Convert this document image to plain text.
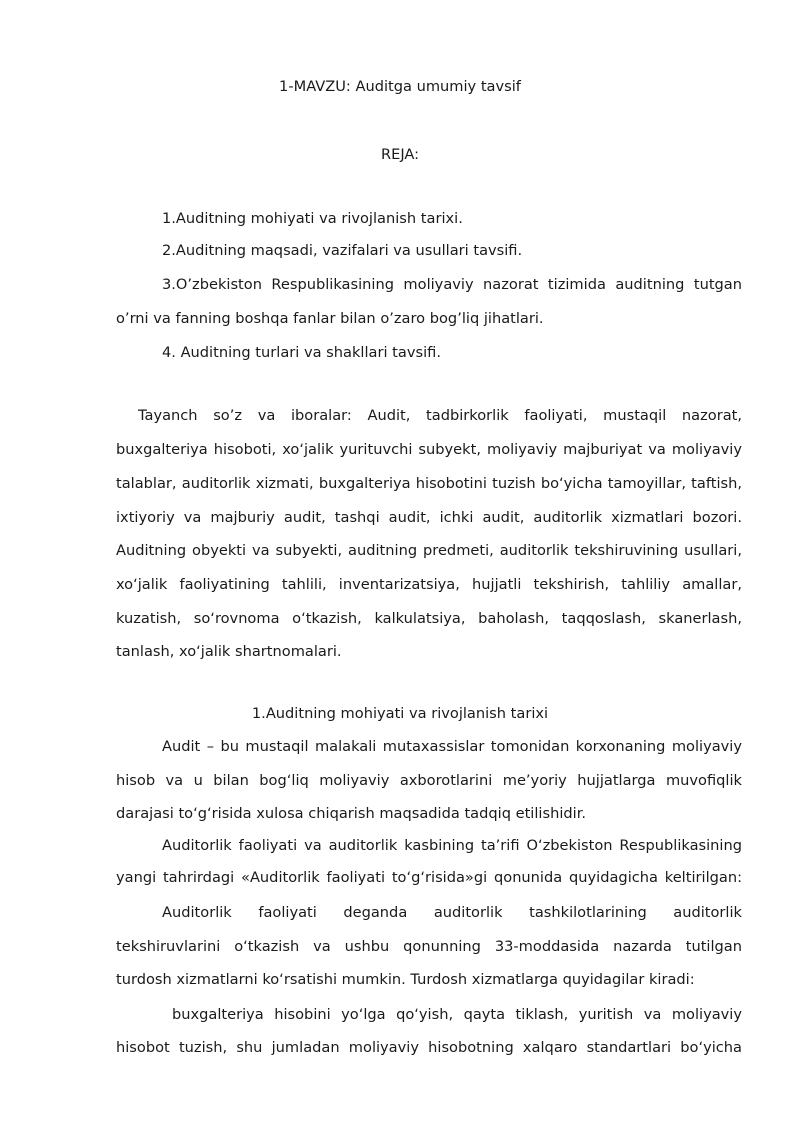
1-MAVZU: Auditga umumiy tavsif
REJA:
1.Auditning mohiyati va rivojlanish tarixi.
2.Auditning maqsadi, vazifalari va usullari tavsifi.
3.O’zbekiston Respublikasining moliyaviy nazorat tizimida auditning tutgan
o’rni va fanning boshqa fanlar bilan o’zaro bog’liq jihatlari.
4. Auditning turlari va shakllari tavsifi.
Tayanch so’z va iboralar: Audit, tadbirkorlik faoliyati, mustaqil nazorat,
buxgalteriya hisoboti, xo‘jalik yurituvchi subyekt, moliyaviy majburiyat va moliyaviy
talablar, auditorlik xizmati, buxgalteriya hisobotini tuzish bo‘yicha tamoyillar, taftish,
ixtiyoriy va majburiy audit, tashqi audit, ichki audit, auditorlik xizmatlari bozori.
Auditning obyekti va subyekti, auditning predmeti, auditorlik tekshiruvining usullari,
xo‘jalik faoliyatining tahlili, inventarizatsiya, hujjatli tekshirish, tahliliy amallar,
kuzatish, so‘rovnoma o‘tkazish, kalkulatsiya, baholash, taqqoslash, skanerlash,
tanlash, xo‘jalik shartnomalari.
1.Auditning mohiyati va rivojlanish tarixi
Audit – bu mustaqil malakali mutaxassislar tomonidan korxonaning moliyaviy
hisob va u bilan bog‘liq moliyaviy axborotlarini me’yoriy hujjatlarga muvofiqlik
darajasi to‘g‘risida xulosa chiqarish maqsadida tadqiq etilishidir.
Auditorlik faoliyati va auditorlik kasbining ta’rifi O‘zbekiston Respublikasining
yangi tahrirdagi «Auditorlik faoliyati to‘g‘risida»gi qonunida quyidagicha keltirilgan:
Auditorlik faoliyati deganda auditorlik tashkilotlarining auditorlik
tekshiruvlarini o‘tkazish va ushbu qonunning 33-moddasida nazarda tutilgan
turdosh xizmatlarni ko‘rsatishi mumkin. Turdosh xizmatlarga quyidagilar kiradi:
buxgalteriya hisobini yo‘lga qo‘yish, qayta tiklash, yuritish va moliyaviy
hisobot tuzish, shu jumladan moliyaviy hisobotning xalqaro standartlari bo‘yicha
